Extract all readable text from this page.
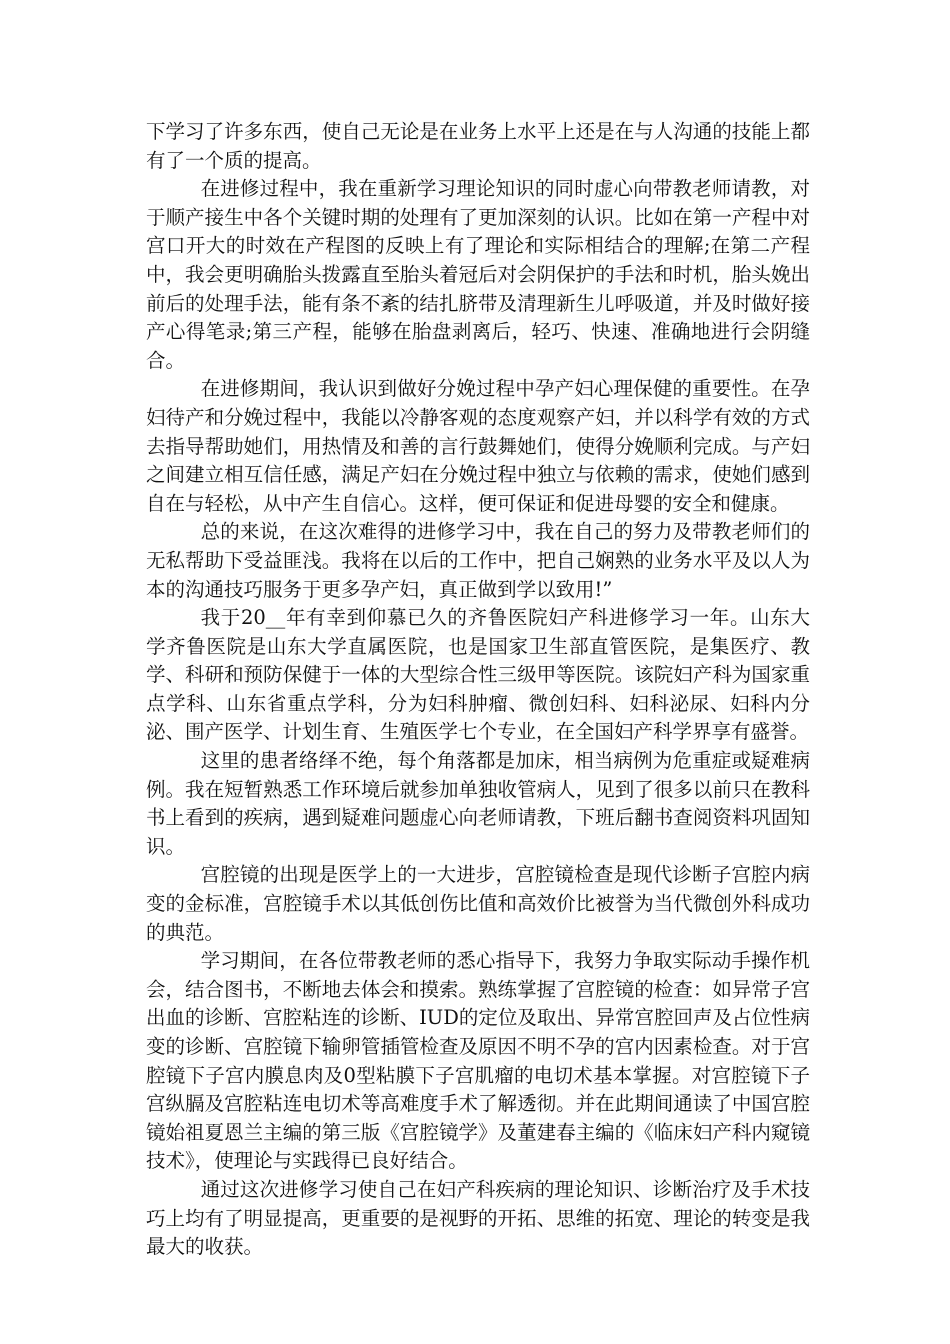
下学习了许多东西，使自己无论是在业务上水平上还是在与人沟通的技能上都有了一个质的提高。

在进修过程中，我在重新学习理论知识的同时虚心向带教老师请教，对于顺产接生中各个关键时期的处理有了更加深刻的认识。比如在第一产程中对宫口开大的时效在产程图的反映上有了理论和实际相结合的理解;在第二产程中，我会更明确胎头拨露直至胎头着冠后对会阴保护的手法和时机，胎头娩出前后的处理手法，能有条不紊的结扎脐带及清理新生儿呼吸道，并及时做好接产心得笔录;第三产程，能够在胎盘剥离后，轻巧、快速、准确地进行会阴缝合。

在进修期间，我认识到做好分娩过程中孕产妇心理保健的重要性。在孕妇待产和分娩过程中，我能以冷静客观的态度观察产妇，并以科学有效的方式去指导帮助她们，用热情及和善的言行鼓舞她们，使得分娩顺利完成。与产妇之间建立相互信任感，满足产妇在分娩过程中独立与依赖的需求，使她们感到自在与轻松，从中产生自信心。这样，便可保证和促进母婴的安全和健康。

总的来说，在这次难得的进修学习中，我在自己的努力及带教老师们的无私帮助下受益匪浅。我将在以后的工作中，把自己娴熟的业务水平及以人为本的沟通技巧服务于更多孕产妇，真正做到学以致用!”

我于20__年有幸到仰慕已久的齐鲁医院妇产科进修学习一年。山东大学齐鲁医院是山东大学直属医院，也是国家卫生部直管医院，是集医疗、教学、科研和预防保健于一体的大型综合性三级甲等医院。该院妇产科为国家重点学科、山东省重点学科，分为妇科肿瘤、微创妇科、妇科泌尿、妇科内分泌、围产医学、计划生育、生殖医学七个专业，在全国妇产科学界享有盛誉。

这里的患者络绎不绝，每个角落都是加床，相当病例为危重症或疑难病例。我在短暂熟悉工作环境后就参加单独收管病人，见到了很多以前只在教科书上看到的疾病，遇到疑难问题虚心向老师请教，下班后翻书查阅资料巩固知识。

宫腔镜的出现是医学上的一大进步，宫腔镜检查是现代诊断子宫腔内病变的金标准，宫腔镜手术以其低创伤比值和高效价比被誉为当代微创外科成功的典范。

学习期间，在各位带教老师的悉心指导下，我努力争取实际动手操作机会，结合图书，不断地去体会和摸索。熟练掌握了宫腔镜的检查：如异常子宫出血的诊断、宫腔粘连的诊断、IUD的定位及取出、异常宫腔回声及占位性病变的诊断、宫腔镜下输卵管插管检查及原因不明不孕的宫内因素检查。对于宫腔镜下子宫内膜息肉及0型粘膜下子宫肌瘤的电切术基本掌握。对宫腔镜下子宫纵膈及宫腔粘连电切术等高难度手术了解透彻。并在此期间通读了中国宫腔镜始祖夏恩兰主编的第三版《宫腔镜学》及董建春主编的《临床妇产科内窥镜技术》，使理论与实践得已良好结合。

通过这次进修学习使自己在妇产科疾病的理论知识、诊断治疗及手术技巧上均有了明显提高，更重要的是视野的开拓、思维的拓宽、理论的转变是我最大的收获。
